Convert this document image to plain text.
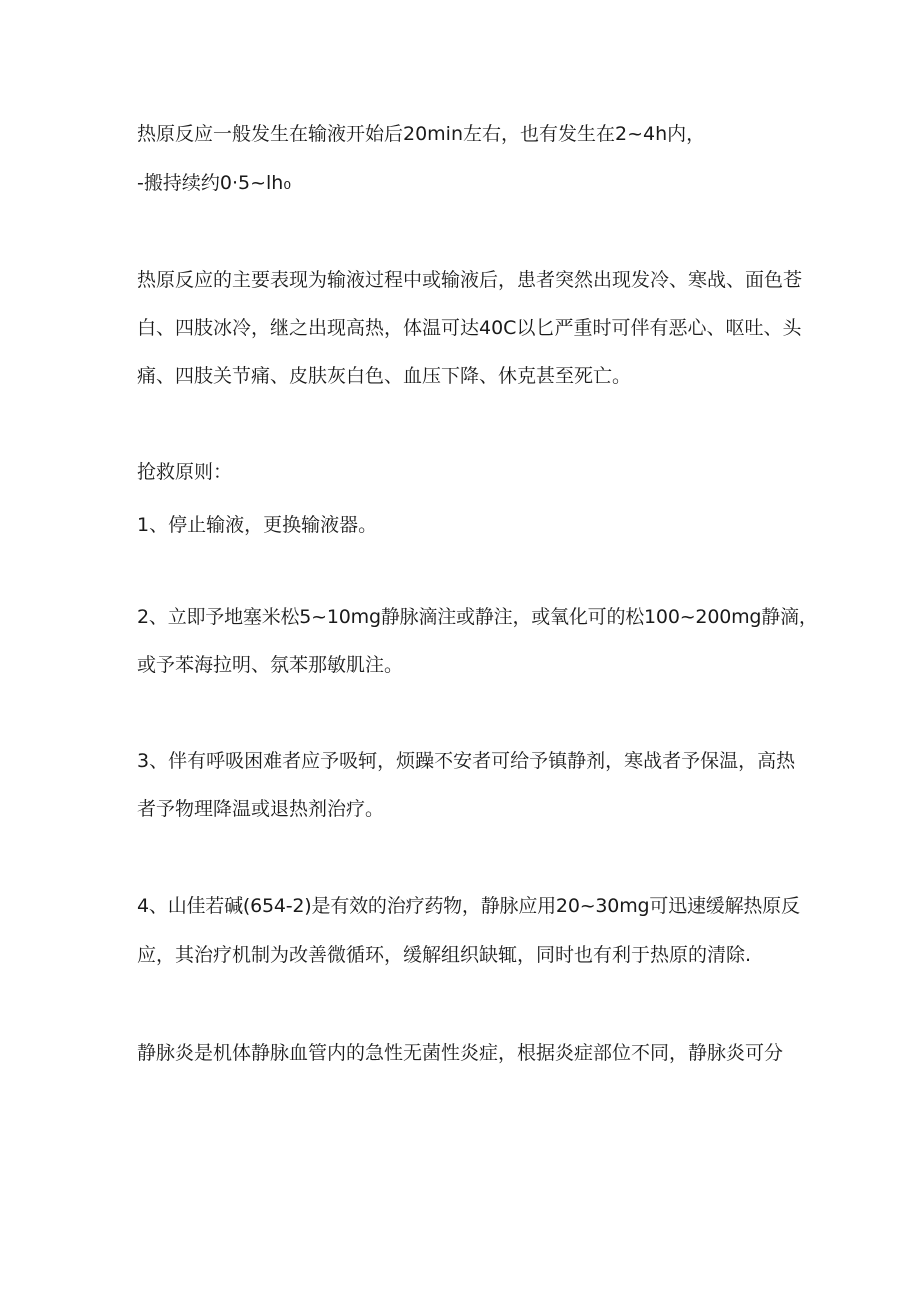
热原反应一般发生在输液开始后20min左右，也有发生在2~4h内，

-搬持续约0·5~lh₀

热原反应的主要表现为输液过程中或输液后，患者突然出现发冷、寒战、面色苍

白、四肢冰冷，继之出现高热，体温可达40C以匕严重时可伴有恶心、呕吐、头

痛、四肢关节痛、皮肤灰白色、血压下降、休克甚至死亡。

抢救原则：

1、停止输液，更换输液器。

2、立即予地塞米松5~10mg静脉滴注或静注，或氧化可的松100~200mg静滴，

或予苯海拉明、氛苯那敏肌注。

3、伴有呼吸困难者应予吸轲，烦躁不安者可给予镇静剂，寒战者予保温，高热

者予物理降温或退热剂治疗。

4、山佳若碱(654-2)是有效的治疗药物，静脉应用20~30mg可迅速缓解热原反

应，其治疗机制为改善微循环，缓解组织缺辄，同时也有利于热原的清除.

静脉炎是机体静脉血管内的急性无菌性炎症，根据炎症部位不同，静脉炎可分
